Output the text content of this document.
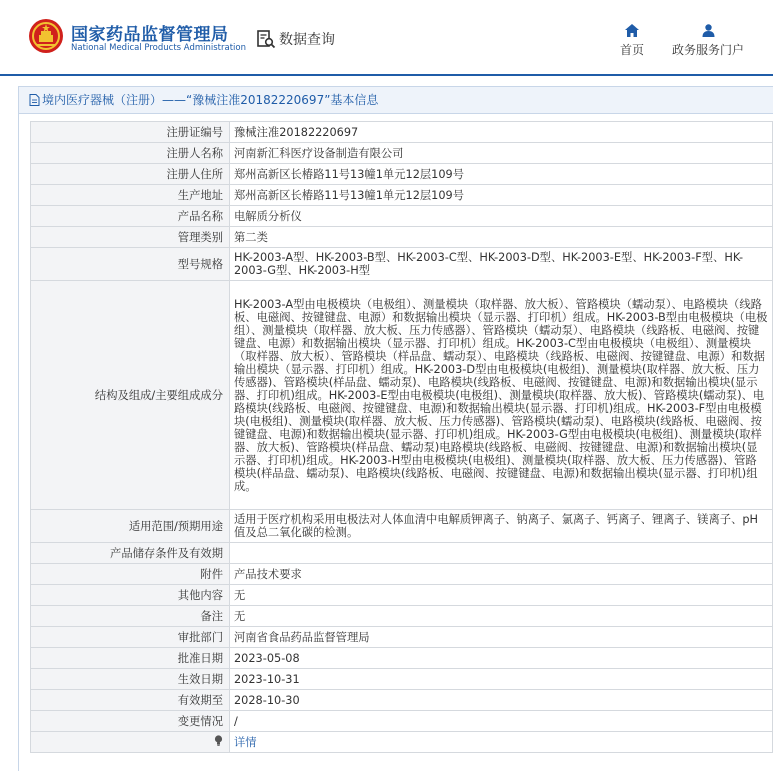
国家药品监督管理局
National Medical Products Administration 数据查询
首页	政务服务门户
境内医疗器械（注册）——“豫械注准20182220697”基本信息
注册证编号	豫械注准20182220697
注册人名称	河南新汇科医疗设备制造有限公司
注册人住所	郑州高新区长椿路11号13幢1单元12层109号
生产地址	郑州高新区长椿路11号13幢1单元12层109号
产品名称	电解质分析仪
管理类别	第二类
型号规格	HK-2003-A型、HK-2003-B型、HK-2003-C型、HK-2003-D型、HK-2003-E型、HK-2003-F型、HK-2003-G型、HK-2003-H型
结构及组成/主要组成成分	HK-2003-A型由电极模块（电极组）、测量模块（取样器、放大板）、管路模块（蠕动泵）、电路模块（线路板、电磁阀、按键键盘、电源）和数据输出模块（显示器、打印机）组成。HK-2003-B型由电极模块（电极组）、测量模块（取样器、放大板、压力传感器）、管路模块（蠕动泵）、电路模块（线路板、电磁阀、按键键盘、电源）和数据输出模块（显示器、打印机）组成。HK-2003-C型由电极模块（电极组）、测量模块（取样器、放大板）、管路模块（样品盘、蠕动泵）、电路模块（线路板、电磁阀、按键键盘、电源）和数据输出模块（显示器、打印机）组成。HK-2003-D型由电极模块(电极组)、测量模块(取样器、放大板、压力传感器)、管路模块(样品盘、蠕动泵)、电路模块(线路板、电磁阀、按键键盘、电源)和数据输出模块(显示器、打印机)组成。HK-2003-E型由电极模块(电极组)、测量模块(取样器、放大板)、管路模块(蠕动泵)、电路模块(线路板、电磁阀、按键键盘、电源)和数据输出模块(显示器、打印机)组成。HK-2003-F型由电极模块(电极组)、测量模块(取样器、放大板、压力传感器)、管路模块(蠕动泵)、电路模块(线路板、电磁阀、按键键盘、电源)和数据输出模块(显示器、打印机)组成。HK-2003-G型由电极模块(电极组)、测量模块(取样器、放大板)、管路模块(样品盘、蠕动泵)电路模块(线路板、电磁阀、按键键盘、电源)和数据输出模块(显示器、打印机)组成。HK-2003-H型由电极模块(电极组)、测量模块(取样器、放大板、压力传感器)、管路模块(样品盘、蠕动泵)、电路模块(线路板、电磁阀、按键键盘、电源)和数据输出模块(显示器、打印机)组成。
适用范围/预期用途	适用于医疗机构采用电极法对人体血清中电解质钾离子、钠离子、氯离子、钙离子、锂离子、镁离子、pH值及总二氧化碳的检测。
产品储存条件及有效期	
附件	产品技术要求
其他内容	无
备注	无
审批部门	河南省食品药品监督管理局
批准日期	2023-05-08
生效日期	2023-10-31
有效期至	2028-10-30
变更情况	/
	详情
